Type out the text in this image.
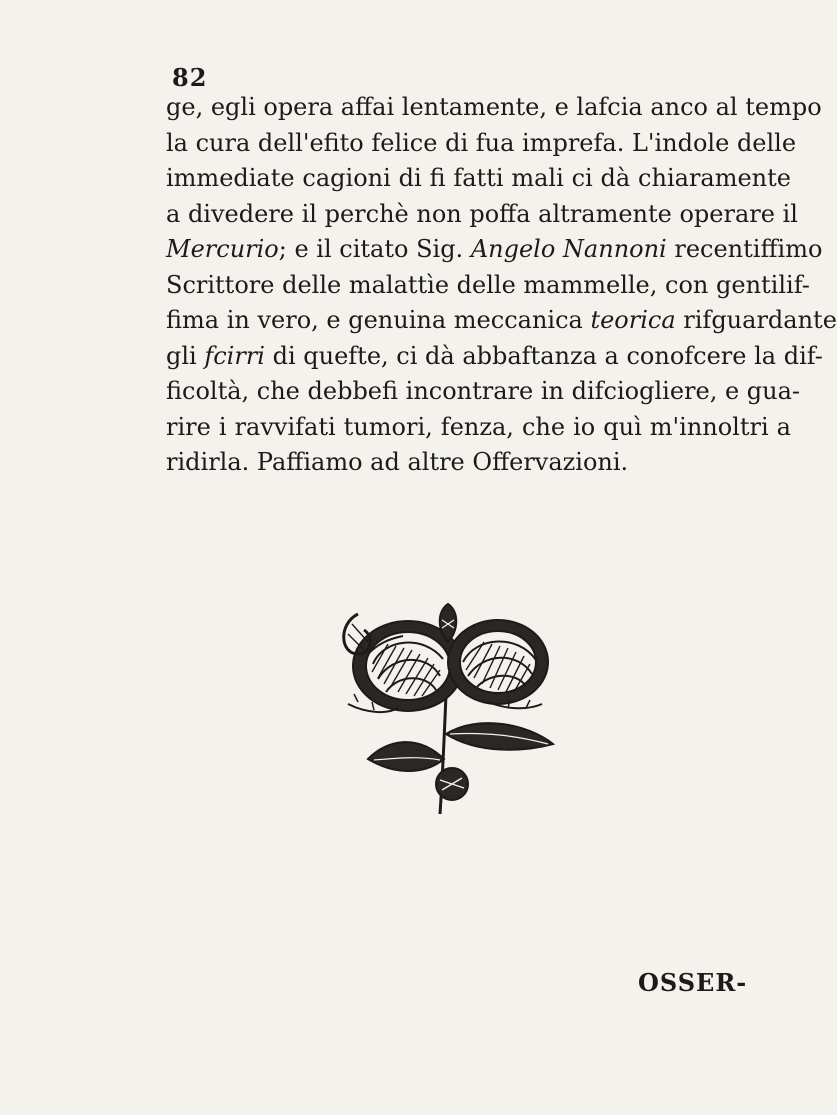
82
ge, egli opera affai lentamente, e lafcia anco al tempo
la cura dell'efito felice di fua imprefa. L'indole delle
immediate cagioni di fi fatti mali ci dà chiaramente
a divedere il perchè non poffa altramente operare il
Mercurio; e il citato Sig. Angelo Nannoni recentiffimo
Scrittore delle malattìe delle mammelle, con gentilif-
fima in vero, e genuina meccanica teorica rifguardante
gli fcirri di quefte, ci dà abbaftanza a conofcere la dif-
ficoltà, che debbefi incontrare in difciogliere, e gua-
rire i ravvifati tumori, fenza, che io quì m'innoltri a
ridirla. Paffiamo ad altre Offervazioni.
OSSER-
